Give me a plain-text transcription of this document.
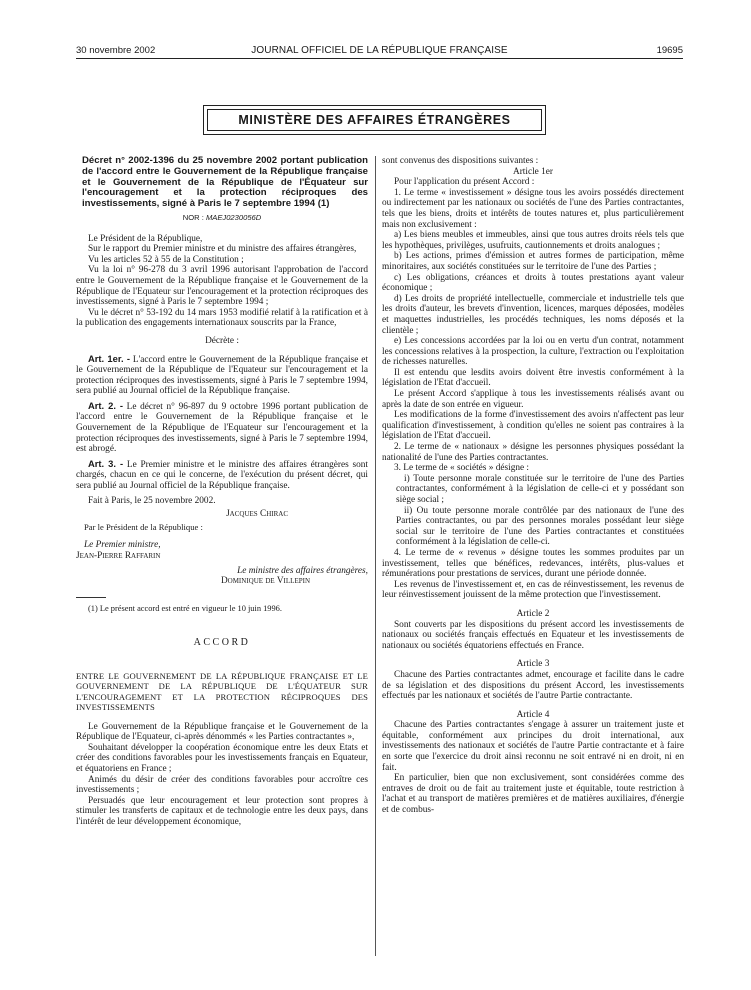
30 novembre 2002	JOURNAL OFFICIEL DE LA RÉPUBLIQUE FRANÇAISE	19695
MINISTÈRE DES AFFAIRES ÉTRANGÈRES
Décret n° 2002-1396 du 25 novembre 2002 portant publication de l'accord entre le Gouvernement de la République française et le Gouvernement de la République de l'Équateur sur l'encouragement et la protection réciproques des investissements, signé à Paris le 7 septembre 1994 (1)
NOR : MAEJ0230056D

Le Président de la République,

Sur le rapport du Premier ministre et du ministre des affaires étrangères,

Vu les articles 52 à 55 de la Constitution ;

Vu la loi n° 96-278 du 3 avril 1996 autorisant l'approbation de l'accord entre le Gouvernement de la République française et le Gouvernement de la République de l'Equateur sur l'encouragement et la protection réciproques des investissements, signé à Paris le 7 septembre 1994 ;

Vu le décret n° 53-192 du 14 mars 1953 modifié relatif à la ratification et à la publication des engagements internationaux souscrits par la France,

Décrète :

Art. 1er. - L'accord entre le Gouvernement de la République française et le Gouvernement de la République de l'Equateur sur l'encouragement et la protection réciproques des investissements, signé à Paris le 7 septembre 1994, sera publié au Journal officiel de la République française.

Art. 2. - Le décret n° 96-897 du 9 octobre 1996 portant publication de l'accord entre le Gouvernement de la République française et le Gouvernement de la République de l'Equateur sur l'encouragement et la protection réciproques des investissements, signé à Paris le 7 septembre 1994, est abrogé.

Art. 3. - Le Premier ministre et le ministre des affaires étrangères sont chargés, chacun en ce qui le concerne, de l'exécution du présent décret, qui sera publié au Journal officiel de la République française.

Fait à Paris, le 25 novembre 2002.

Jacques Chirac

Par le Président de la République :

Le Premier ministre,

Jean-Pierre Raffarin

Le ministre des affaires étrangères,

Dominique de Villepin

(1) Le présent accord est entré en vigueur le 10 juin 1996.

ACCORD

ENTRE LE GOUVERNEMENT DE LA RÉPUBLIQUE FRANÇAISE ET LE GOUVERNEMENT DE LA RÉPUBLIQUE DE L'ÉQUATEUR SUR L'ENCOURAGEMENT ET LA PROTECTION RÉCIPROQUES DES INVESTISSEMENTS

Le Gouvernement de la République française et le Gouvernement de la République de l'Equateur, ci-après dénommés « les Parties contractantes »,

Souhaitant développer la coopération économique entre les deux Etats et créer des conditions favorables pour les investissements français en Equateur, et équatoriens en France ;

Animés du désir de créer des conditions favorables pour accroître ces investissements ;

Persuadés que leur encouragement et leur protection sont propres à stimuler les transferts de capitaux et de technologie entre les deux pays, dans l'intérêt de leur développement économique,

sont convenus des dispositions suivantes :

Article 1er

Pour l'application du présent Accord :

1. Le terme « investissement » désigne tous les avoirs possédés directement ou indirectement par les nationaux ou sociétés de l'une des Parties contractantes, tels que les biens, droits et intérêts de toutes natures et, plus particulièrement mais non exclusivement :

a) Les biens meubles et immeubles, ainsi que tous autres droits réels tels que les hypothèques, privilèges, usufruits, cautionnements et droits analogues ;

b) Les actions, primes d'émission et autres formes de participation, même minoritaires, aux sociétés constituées sur le territoire de l'une des Parties ;

c) Les obligations, créances et droits à toutes prestations ayant valeur économique ;

d) Les droits de propriété intellectuelle, commerciale et industrielle tels que les droits d'auteur, les brevets d'invention, licences, marques déposées, modèles et maquettes industrielles, les procédés techniques, les noms déposés et la clientèle ;

e) Les concessions accordées par la loi ou en vertu d'un contrat, notamment les concessions relatives à la prospection, la culture, l'extraction ou l'exploitation de richesses naturelles.

Il est entendu que lesdits avoirs doivent être investis conformément à la législation de l'Etat d'accueil.

Le présent Accord s'applique à tous les investissements réalisés avant ou après la date de son entrée en vigueur.

Les modifications de la forme d'investissement des avoirs n'affectent pas leur qualification d'investissement, à condition qu'elles ne soient pas contraires à la législation de l'Etat d'accueil.

2. Le terme de « nationaux » désigne les personnes physiques possédant la nationalité de l'une des Parties contractantes.

3. Le terme de « sociétés » désigne :

i) Toute personne morale constituée sur le territoire de l'une des Parties contractantes, conformément à la législation de celle-ci et y possédant son siège social ;

ii) Ou toute personne morale contrôlée par des nationaux de l'une des Parties contractantes, ou par des personnes morales possédant leur siège social sur le territoire de l'une des Parties contractantes et constituées conformément à la législation de celle-ci.

4. Le terme de « revenus » désigne toutes les sommes produites par un investissement, telles que bénéfices, redevances, intérêts, plus-values et rémunérations pour prestations de services, durant une période donnée.

Les revenus de l'investissement et, en cas de réinvestissement, les revenus de leur réinvestissement jouissent de la même protection que l'investissement.

Article 2

Sont couverts par les dispositions du présent accord les investissements de nationaux ou sociétés français effectués en Equateur et les investissements de nationaux ou sociétés équatoriens effectués en France.

Article 3

Chacune des Parties contractantes admet, encourage et facilite dans le cadre de sa législation et des dispositions du présent Accord, les investissements effectués par les nationaux et sociétés de l'autre Partie contractante.

Article 4

Chacune des Parties contractantes s'engage à assurer un traitement juste et équitable, conformément aux principes du droit international, aux investissements des nationaux et sociétés de l'autre Partie contractante et à faire en sorte que l'exercice du droit ainsi reconnu ne soit entravé ni en droit, ni en fait.

En particulier, bien que non exclusivement, sont considérées comme des entraves de droit ou de fait au traitement juste et équitable, toute restriction à l'achat et au transport de matières premières et de matières auxiliaires, d'énergie et de combus-
